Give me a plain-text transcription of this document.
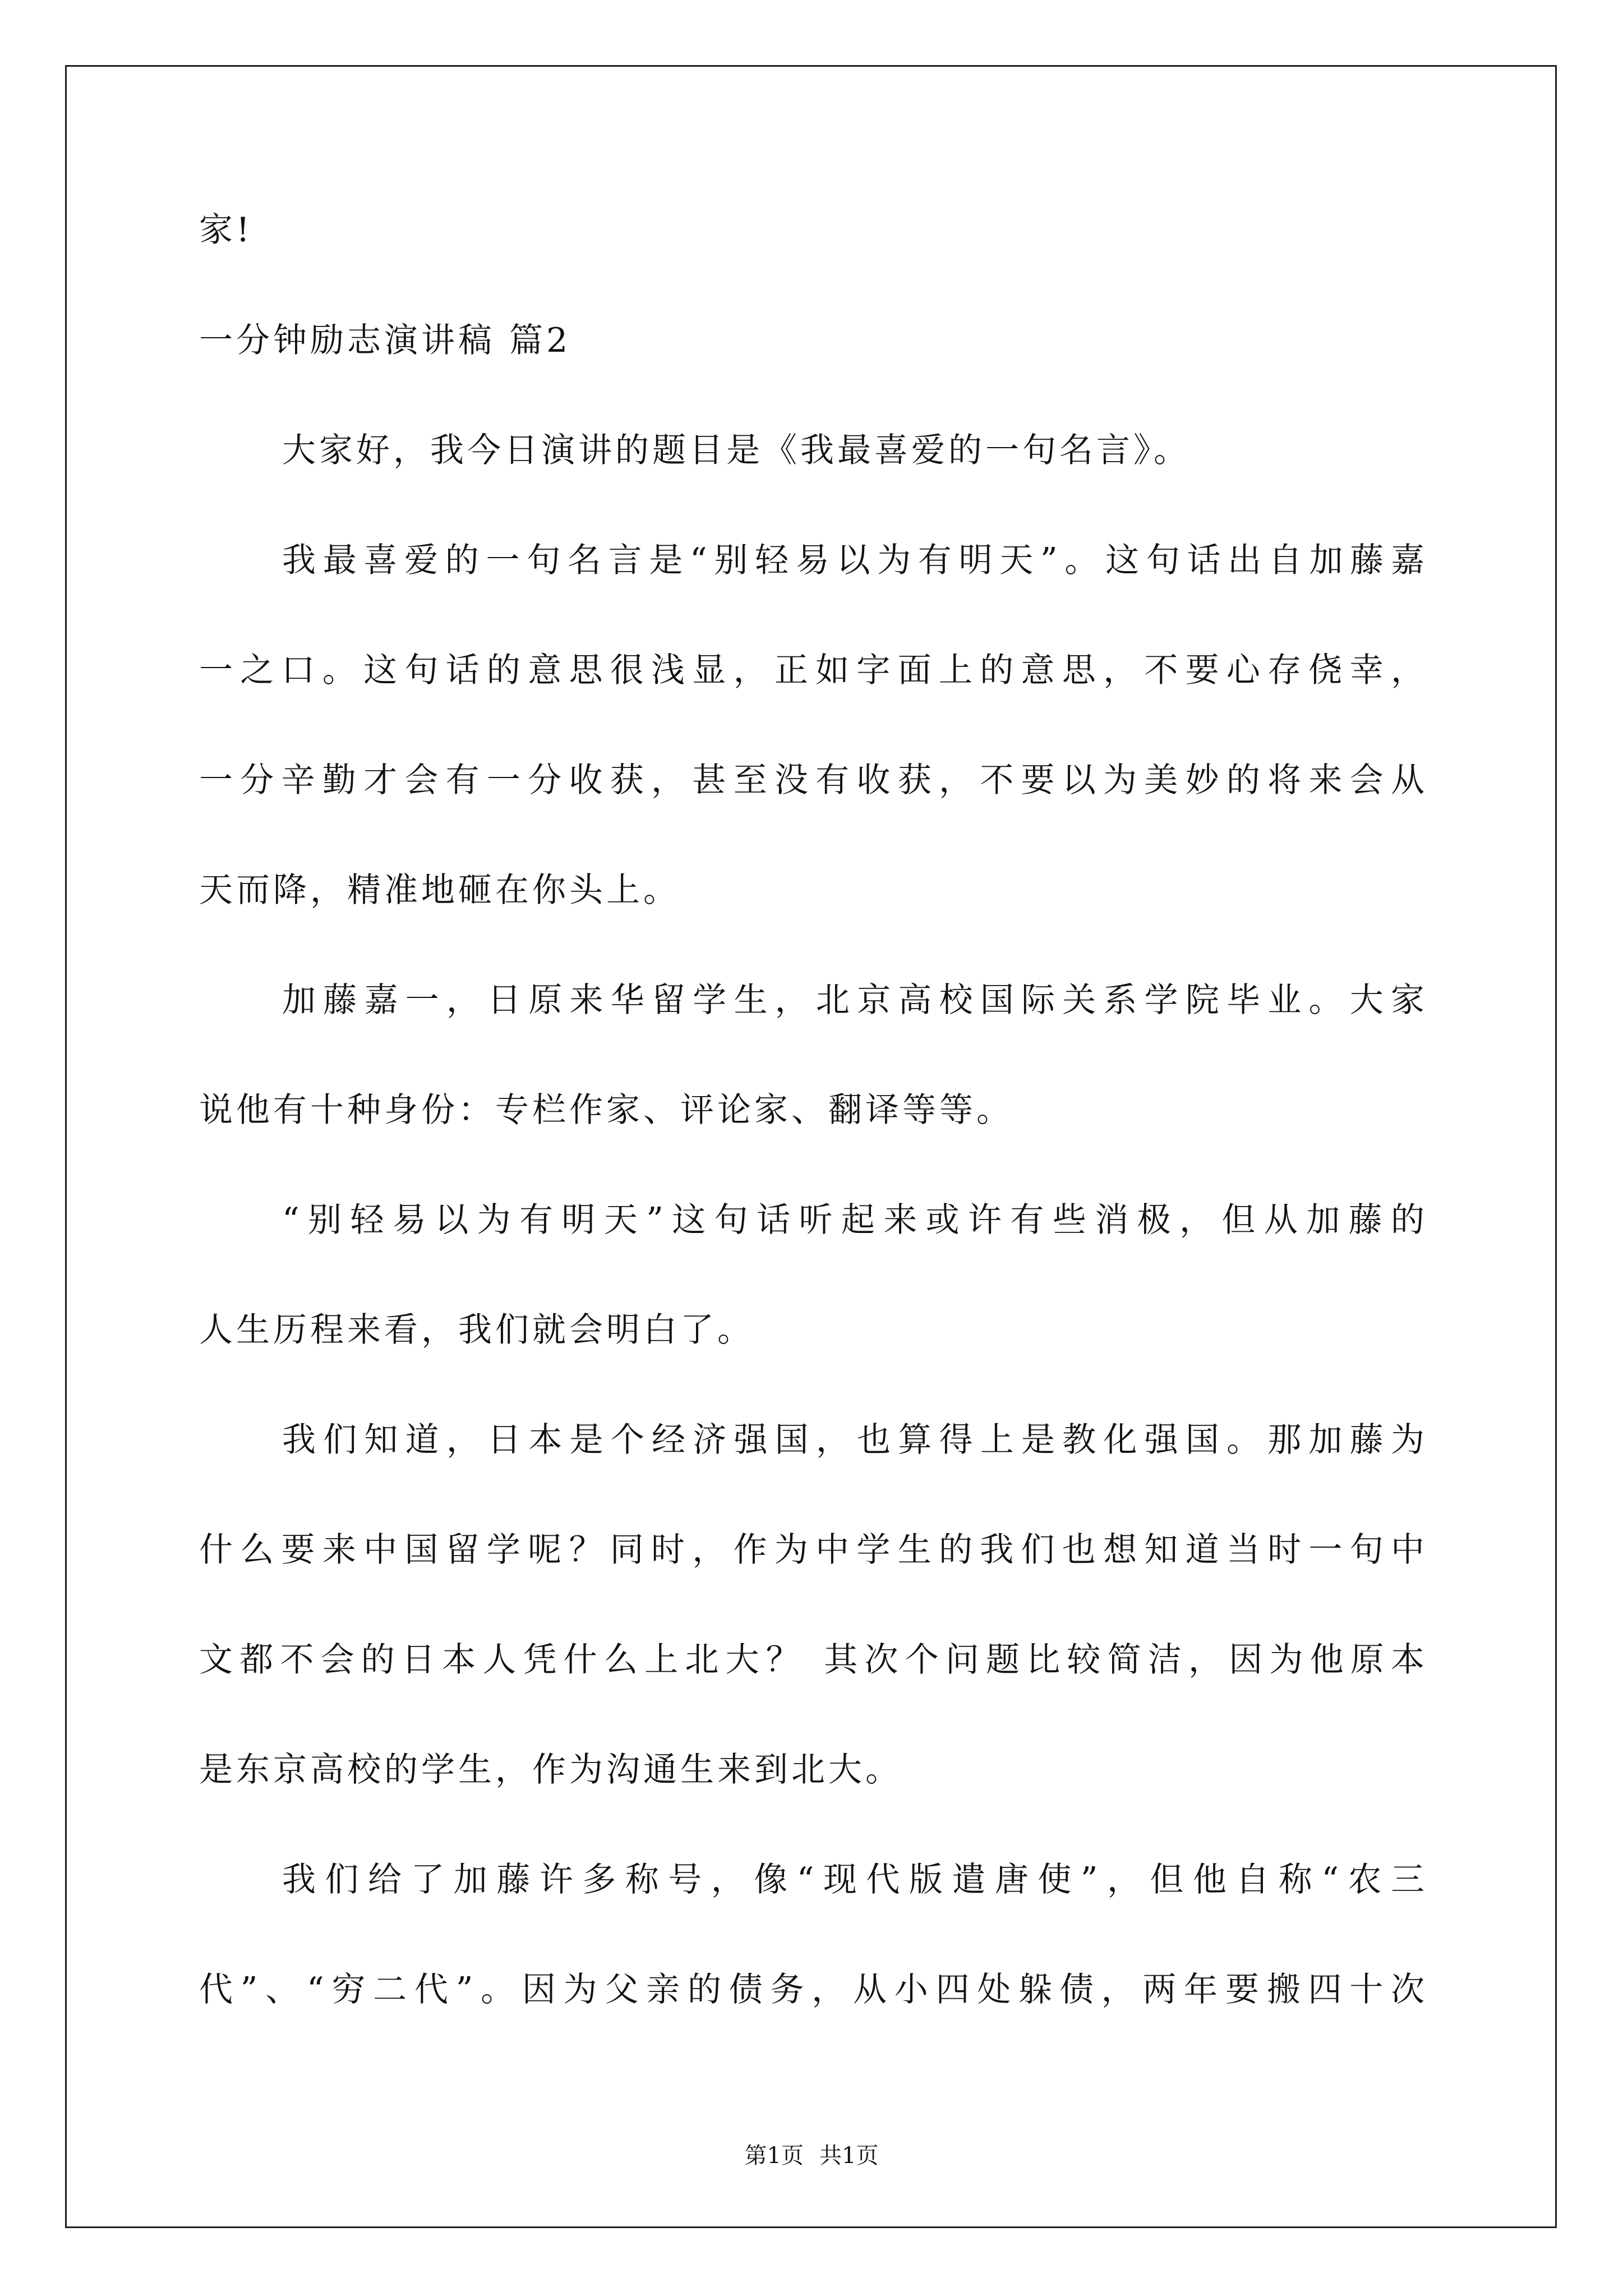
家!
一分钟励志演讲稿 篇2
大家好，我今日演讲的题目是《我最喜爱的一句名言》。
我最喜爱的一句名言是“别轻易以为有明天”。这句话出自加藤嘉
一之口。这句话的意思很浅显，正如字面上的意思，不要心存侥幸，
一分辛勤才会有一分收获，甚至没有收获，不要以为美妙的将来会从
天而降，精准地砸在你头上。
加藤嘉一，日原来华留学生，北京高校国际关系学院毕业。大家
说他有十种身份：专栏作家、评论家、翻译等等。
“别轻易以为有明天”这句话听起来或许有些消极，但从加藤的
人生历程来看，我们就会明白了。
我们知道，日本是个经济强国，也算得上是教化强国。那加藤为
什么要来中国留学呢？同时，作为中学生的我们也想知道当时一句中
文都不会的日本人凭什么上北大？ 其次个问题比较简洁，因为他原本
是东京高校的学生，作为沟通生来到北大。
我们给了加藤许多称号，像“现代版遣唐使”，但他自称“农三
代”、“穷二代”。因为父亲的债务，从小四处躲债，两年要搬四十次
第1页 共1页
